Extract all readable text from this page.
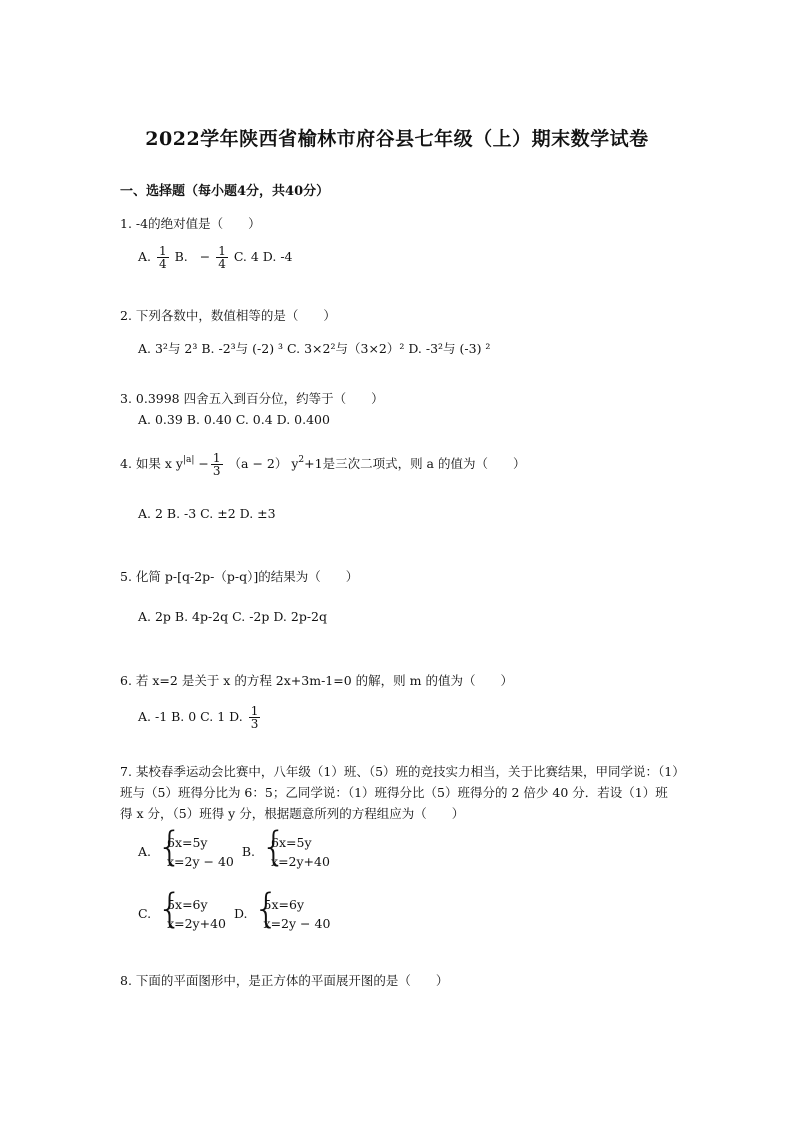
2022学年陕西省榆林市府谷县七年级（上）期末数学试卷
一、选择题（每小题4分，共40分）
1. -4的绝对值是（　　）
A. $\frac{1}{4} B$. − $\frac{1}{4} C$. 4 D. -4
2. 下列各数中，数值相等的是（　　）
A. 3²与 2³ B. -2³与 (-2) ³ C. 3×2²与（3×2）² D. -3²与 (-3) ²
3. 0.3998 四舍五入到百分位，约等于（　　）
A. 0.39 B. 0.40 C. 0.4 D. 0.400
4. 如果 x $y^{|a|} - \frac{1}{3} (a - 2)$ $y^2+1$是三次二项式，则 a 的值为（　　）
A. 2 B. -3 C. ±2 D. ±3
5. 化简 p-[q-2p-（p-q）]的结果为（　　）
A. 2p B. 4p-2q C. -2p D. 2p-2q
6. 若 x=2 是关于 x 的方程 2x+3m-1=0 的解，则 m 的值为（　　）
A. -1 B. 0 C. 1 D. $\frac{1}{3}$
7. 某校春季运动会比赛中，八年级（1）班、（5）班的竞技实力相当，关于比赛结果，甲同学说：（1）班与（5）班得分比为 6：5；乙同学说：（1）班得分比（5）班得分的 2 倍少 40 分．若设（1）班得 x 分，（5）班得 y 分，根据题意所列的方程组应为（　　）
A.
{ 6x=5y
x=2y − 40
B.
{ 6x=5y
x=2y+40
C.
{ 5x=6y
x=2y+40
D.
{ 5x=6y
x=2y − 40
8. 下面的平面图形中，是正方体的平面展开图的是（　　）
